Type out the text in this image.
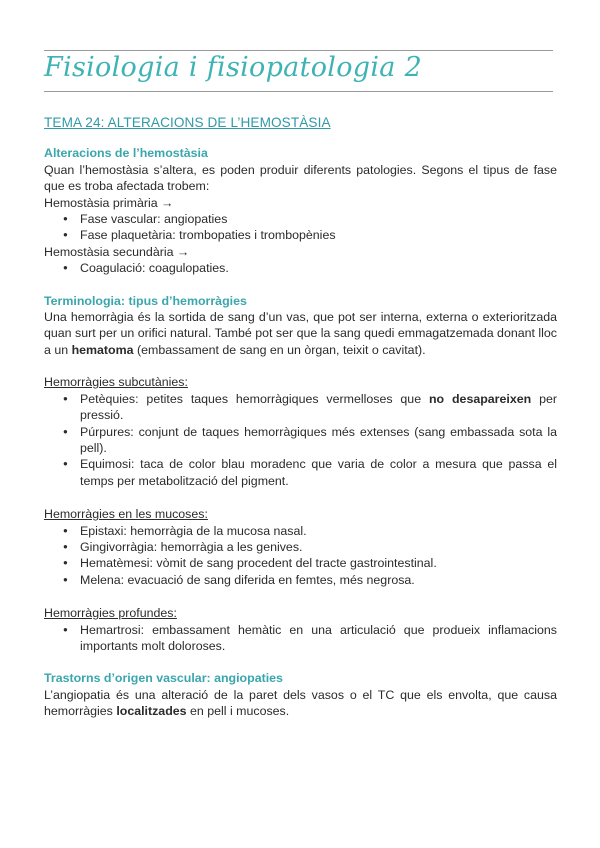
Fisiologia i fisiopatologia 2
TEMA 24: ALTERACIONS DE L’HEMOSTÀSIA
Alteracions de l’hemostàsia
Quan l’hemostàsia s’altera, es poden produir diferents patologies. Segons el tipus de fase que es troba afectada trobem:
Hemostàsia primària →
● Fase vascular: angiopaties
● Fase plaquetària: trombopaties i trombopènies
Hemostàsia secundària →
● Coagulació: coagulopaties.
Terminologia: tipus d’hemorràgies
Una hemorràgia és la sortida de sang d’un vas, que pot ser interna, externa o exterioritzada quan surt per un orifici natural. També pot ser que la sang quedi emmagatzemada donant lloc a un hematoma (embassament de sang en un òrgan, teixit o cavitat).
Hemorràgies subcutànies:
● Petèquies: petites taques hemorràgiques vermelloses que no desapareixen per pressió.
● Púrpures: conjunt de taques hemorràgiques més extenses (sang embassada sota la pell).
● Equimosi: taca de color blau moradenc que varia de color a mesura que passa el temps per metabolització del pigment.
Hemorràgies en les mucoses:
● Epistaxi: hemorràgia de la mucosa nasal.
● Gingivorràgia: hemorràgia a les genives.
● Hematèmesi: vòmit de sang procedent del tracte gastrointestinal.
● Melena: evacuació de sang diferida en femtes, més negrosa.
Hemorràgies profundes:
● Hemartrosi: embassament hemàtic en una articulació que produeix inflamacions importants molt doloroses.
Trastorns d’origen vascular: angiopaties
L’angiopatia és una alteració de la paret dels vasos o el TC que els envolta, que causa hemorràgies localitzades en pell i mucoses.
